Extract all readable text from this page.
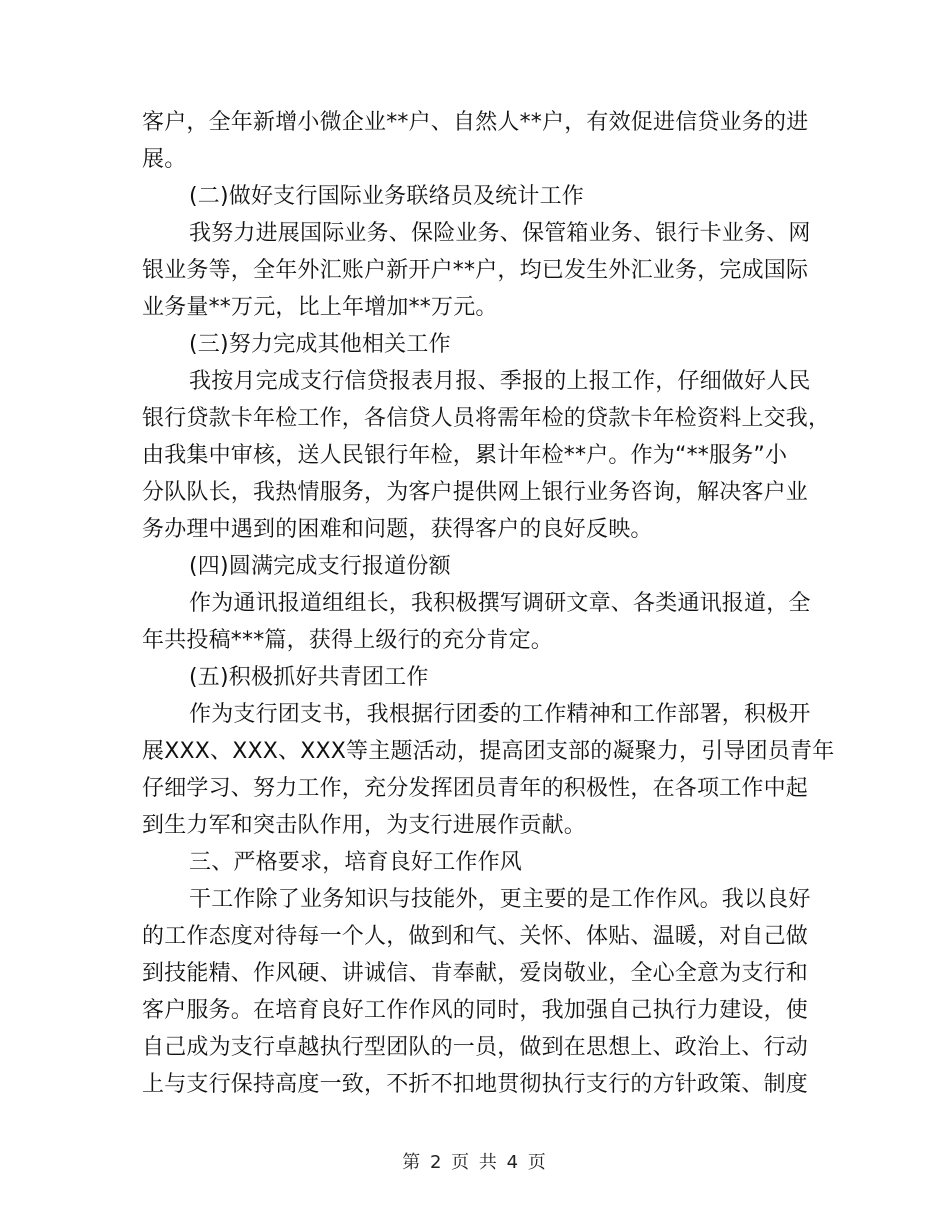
客户，全年新增小微企业**户、自然人**户，有效促进信贷业务的进
展。
(二)做好支行国际业务联络员及统计工作
我努力进展国际业务、保险业务、保管箱业务、银行卡业务、网
银业务等，全年外汇账户新开户**户，均已发生外汇业务，完成国际
业务量**万元，比上年增加**万元。
(三)努力完成其他相关工作
我按月完成支行信贷报表月报、季报的上报工作，仔细做好人民
银行贷款卡年检工作，各信贷人员将需年检的贷款卡年检资料上交我，
由我集中审核，送人民银行年检，累计年检**户。作为“**服务”小
分队队长，我热情服务，为客户提供网上银行业务咨询，解决客户业
务办理中遇到的困难和问题，获得客户的良好反映。
(四)圆满完成支行报道份额
作为通讯报道组组长，我积极撰写调研文章、各类通讯报道，全
年共投稿***篇，获得上级行的充分肯定。
(五)积极抓好共青团工作
作为支行团支书，我根据行团委的工作精神和工作部署，积极开
展XXX、XXX、XXX等主题活动，提高团支部的凝聚力，引导团员青年
仔细学习、努力工作，充分发挥团员青年的积极性，在各项工作中起
到生力军和突击队作用，为支行进展作贡献。
三、严格要求，培育良好工作作风
干工作除了业务知识与技能外，更主要的是工作作风。我以良好
的工作态度对待每一个人，做到和气、关怀、体贴、温暖，对自己做
到技能精、作风硬、讲诚信、肯奉献，爱岗敬业，全心全意为支行和
客户服务。在培育良好工作作风的同时，我加强自己执行力建设，使
自己成为支行卓越执行型团队的一员，做到在思想上、政治上、行动
上与支行保持高度一致，不折不扣地贯彻执行支行的方针政策、制度
第 2 页 共 4 页
